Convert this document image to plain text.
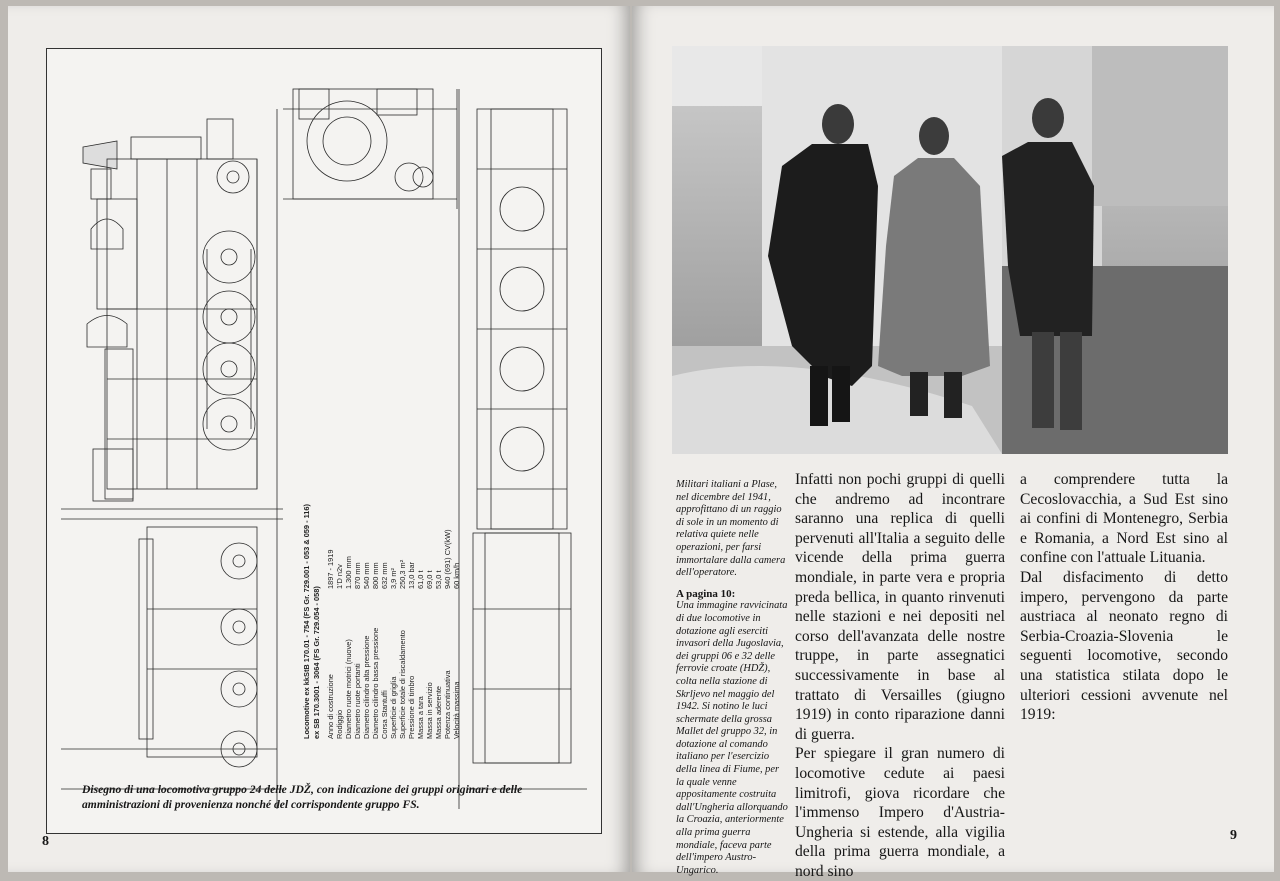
Locomotive ex kkStB 170.01 - 754 (FS Gr. 729.001 - 053 & 059 - 116) ex SB 170.3001 - 3064 (FS Gr. 729.054 - 058) Anno di costruzione
1897 - 1919
Rodiggio
1'D n2v
Diametro ruote motrici (nuove)
1.300 mm
Diametro ruote portanti
870 mm
Diametro cilindro alta pressione
540 mm
Diametro cilindro bassa pressione
800 mm
Corsa Stantuffi
632 mm
Superficie di griglia
3,9 m²
Superficie totale di riscaldamento
250,3 m²
Pressione di timbro
13,0 bar
Massa a tara
61,0 t
Massa in servizio
69,0 t
Massa aderente
53,0 t
Potenza continuativa
940 (691) CV(kW)
Velocità massima
60 km/h
Disegno di una locomotiva gruppo 24 delle JDŽ, con indicazione dei gruppi originari e delle amministrazioni di provenienza nonché del corrispondente gruppo FS.
8

Militari italiani a Plase, nel dicembre del 1941, approfittano di un raggio di sole in un momento di relativa quiete nelle operazioni, per farsi immortalare dalla camera dell'operatore.

A pagina 10:

Una immagine ravvicinata di due locomotive in dotazione agli eserciti invasori della Jugoslavia, dei gruppi 06 e 32 delle ferrovie croate (HDŽ), colta nella stazione di Skrljevo nel maggio del 1942. Si notino le luci schermate della grossa Mallet del gruppo 32, in dotazione al comando italiano per l'esercizio della linea di Fiume, per la quale venne appositamente costruita dall'Ungheria allorquando la Croazia, anteriormente alla prima guerra mondiale, faceva parte dell'impero Austro-Ungarico.

Infatti non pochi gruppi di quelli che andremo ad incontrare saranno una replica di quelli pervenuti all'Italia a seguito delle vicende della prima guerra mondiale, in parte vera e propria preda bellica, in quanto rinvenuti nelle stazioni e nei depositi nel corso dell'avanzata delle nostre truppe, in parte assegnatici successivamente in base al trattato di Versailles (giugno 1919) in conto riparazione danni di guerra.

Per spiegare il gran numero di locomotive cedute ai paesi limitrofi, giova ricordare che l'immenso Impero d'Austria-Ungheria si estende, alla vigilia della prima guerra mondiale, a nord sino

a comprendere tutta la Cecoslovacchia, a Sud Est sino ai confini di Montenegro, Serbia e Romania, a Nord Est sino al confine con l'attuale Lituania.

Dal disfacimento di detto impero, pervengono da parte austriaca al neonato regno di Serbia-Croazia-Slovenia le seguenti locomotive, secondo una statistica stilata dopo le ulteriori cessioni avvenute nel 1919:

9
